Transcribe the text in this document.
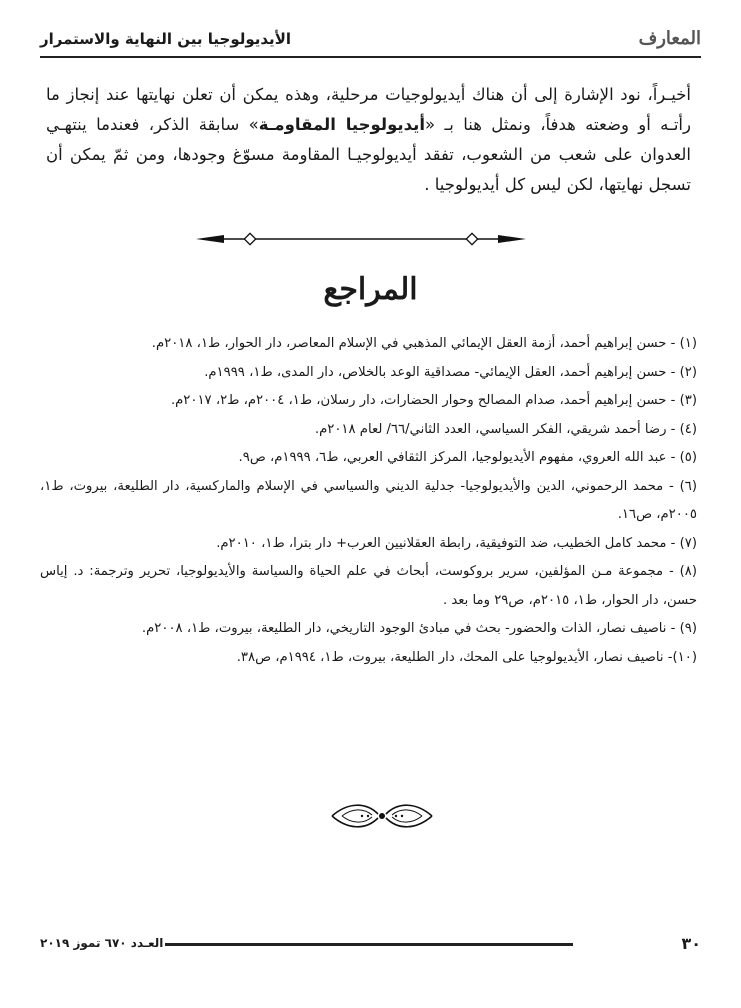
المعارف
الأيديولوجيا بين النهاية والاستمرار

أخيـراً، نود الإشارة إلى أن هناك أيديولوجيات مرحلية، وهذه يمكن أن تعلن نهايتها عند إنجاز ما رأتـه أو وضعته هدفاً، ونمثل هنا بـ «أيديولوجيا المقاومـة» سابقة الذكر، فعندما ينتهـي العدوان على شعب من الشعوب، تفقد أيديولوجيـا المقاومة مسوّغ وجودها، ومن ثمّ يمكن أن تسجل نهايتها، لكن ليس كل أيديولوجيا .

المراجع
(١) - حسن إبراهيم أحمد، أزمة العقل الإيمائي المذهبي في الإسلام المعاصر، دار الحوار، ط١، ٢٠١٨م.
(٢) - حسن إبراهيم أحمد، العقل الإيمائي- مصداقية الوعد بالخلاص، دار المدى، ط١، ١٩٩٩م.
(٣) - حسن إبراهيم أحمد، صدام المصالح وحوار الحضارات، دار رسلان، ط١، ٢٠٠٤م، ط٢، ٢٠١٧م.
(٤) - رضا أحمد شريقي، الفكر السياسي، العدد الثاني/٦٦/ لعام ٢٠١٨م.
(٥) - عبد الله العروي، مفهوم الأيديولوجيا، المركز الثقافي العربي، ط٦، ١٩٩٩م، ص٩.
(٦) - محمد الرحموني، الدين والأيديولوجيا- جدلية الديني والسياسي في الإسلام والماركسية، دار الطليعة، بيروت، ط١، ٢٠٠٥م، ص١٦.
(٧) - محمد كامل الخطيب، ضد التوفيقية، رابطة العقلانيين العرب+ دار بترا، ط١، ٢٠١٠م.
(٨) - مجموعة مـن المؤلفين، سرير بروكوست، أبحاث في علم الحياة والسياسة والأيديولوجيا، تحرير وترجمة: د. إياس حسن، دار الحوار، ط١، ٢٠١٥م، ص٢٩ وما بعد .
(٩) - ناصيف نصار، الذات والحضور- بحث في مبادئ الوجود التاريخي، دار الطليعة، بيروت، ط١، ٢٠٠٨م.
(١٠)- ناصيف نصار، الأيديولوجيا على المحك، دار الطليعة، بيروت، ط١، ١٩٩٤م، ص٣٨.
٣٠
العـدد ٦٧٠ تموز ٢٠١٩
